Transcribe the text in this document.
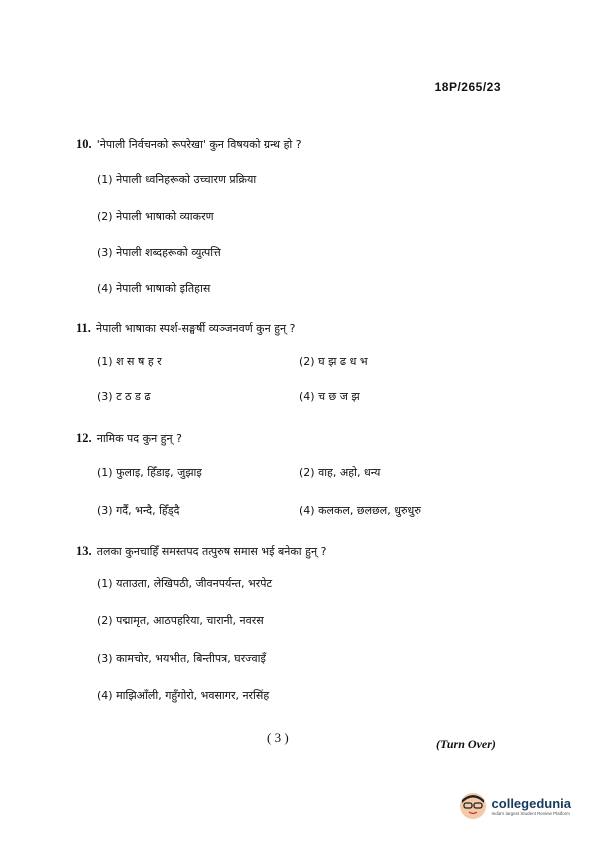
18P/265/23
10. 'नेपाली निर्वचनको रूपरेखा' कुन विषयको ग्रन्थ हो ?
(1) नेपाली ध्वनिहरूको उच्चारण प्रक्रिया
(2) नेपाली भाषाको व्याकरण
(3) नेपाली शब्दहरूको व्युत्पत्ति
(4) नेपाली भाषाको इतिहास
11. नेपाली भाषाका स्पर्श-सङ्घर्षी व्यञ्जनवर्ण कुन हुन् ?
(1) श स ष ह र	(2) घ झ ढ ध भ
(3) ट ठ ड ढ	(4) च छ ज झ
12. नामिक पद कुन हुन् ?
(1) फुलाइ, हिँडाइ, जुझाइ	(2) वाह, अहो, धन्य
(3) गर्दैं, भन्दै, हिँड्दै	(4) कलकल, छलछल, धुरुधुरु
13. तलका कुनचाहिँ समस्तपद तत्पुरुष समास भई बनेका हुन् ?
(1) यताउता, लेखिपठी, जीवनपर्यन्त, भरपेट
(2) पद्मामृत, आठपहरिया, चारानी, नवरस
(3) कामचोर, भयभीत, बिन्तीपत्र, घरज्वाइँ
(4) माझिआँली, गहुँगोरो, भवसागर, नरसिंह
( 3 )	(Turn Over)
collegedunia
India's largest Student Review Platform
